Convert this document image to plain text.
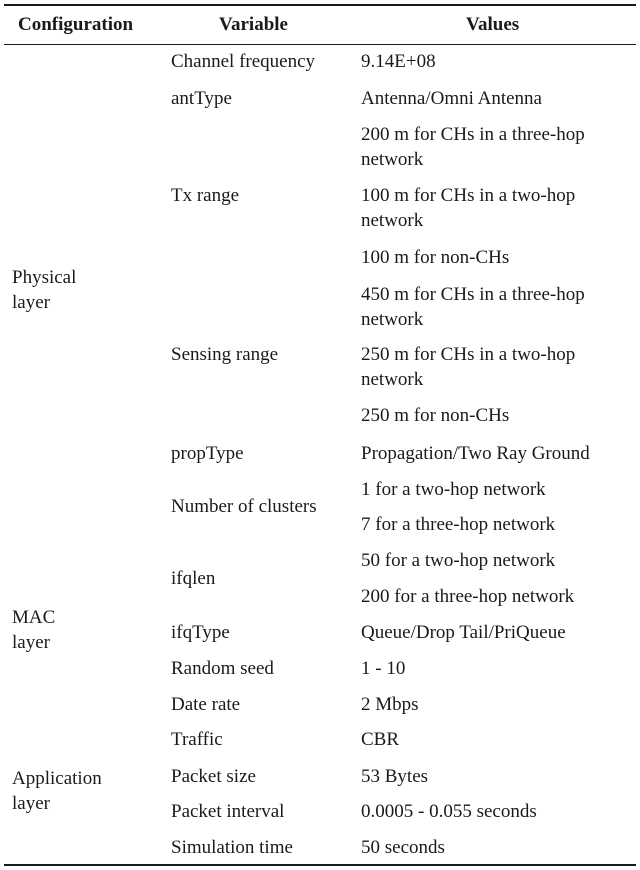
Configuration	Variable	Values
Physical layer
MAC layer
Application layer
Channel frequency
antType
Tx range
Sensing range
propType
Number of clusters
ifqlen
ifqType
Random seed
Date rate
Traffic
Packet size
Packet interval
Simulation time
9.14E+08
Antenna/Omni Antenna
200 m for CHs in a three-hop network
100 m for CHs in a two-hop network
100 m for non-CHs
450 m for CHs in a three-hop network
250 m for CHs in a two-hop network
250 m for non-CHs
Propagation/Two Ray Ground
1 for a two-hop network
7 for a three-hop network
50 for a two-hop network
200 for a three-hop network
Queue/Drop Tail/PriQueue
1 - 10
2 Mbps
CBR
53 Bytes
0.0005 - 0.055 seconds
50 seconds
